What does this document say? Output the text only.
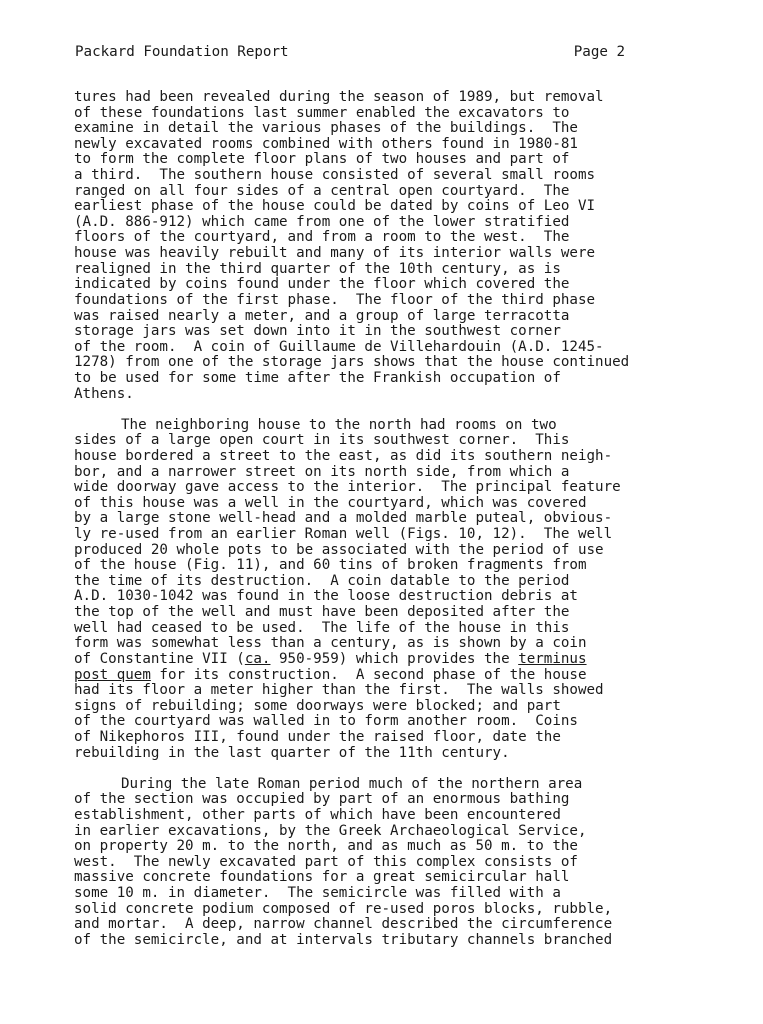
Packard Foundation Report	Page 2
tures had been revealed during the season of 1989, but removal
of these foundations last summer enabled the excavators to
examine in detail the various phases of the buildings.  The
newly excavated rooms combined with others found in 1980-81
to form the complete floor plans of two houses and part of
a third.  The southern house consisted of several small rooms
ranged on all four sides of a central open courtyard.  The
earliest phase of the house could be dated by coins of Leo VI
(A.D. 886-912) which came from one of the lower stratified
floors of the courtyard, and from a room to the west.  The
house was heavily rebuilt and many of its interior walls were
realigned in the third quarter of the 10th century, as is
indicated by coins found under the floor which covered the
foundations of the first phase.  The floor of the third phase
was raised nearly a meter, and a group of large terracotta
storage jars was set down into it in the southwest corner
of the room.  A coin of Guillaume de Villehardouin (A.D. 1245-
1278) from one of the storage jars shows that the house continued
to be used for some time after the Frankish occupation of
Athens.
The neighboring house to the north had rooms on two
sides of a large open court in its southwest corner.  This
house bordered a street to the east, as did its southern neigh-
bor, and a narrower street on its north side, from which a
wide doorway gave access to the interior.  The principal feature
of this house was a well in the courtyard, which was covered
by a large stone well-head and a molded marble puteal, obvious-
ly re-used from an earlier Roman well (Figs. 10, 12).  The well
produced 20 whole pots to be associated with the period of use
of the house (Fig. 11), and 60 tins of broken fragments from
the time of its destruction.  A coin datable to the period
A.D. 1030-1042 was found in the loose destruction debris at
the top of the well and must have been deposited after the
well had ceased to be used.  The life of the house in this
form was somewhat less than a century, as is shown by a coin
of Constantine VII (ca. 950-959) which provides the terminus
post quem for its construction.  A second phase of the house
had its floor a meter higher than the first.  The walls showed
signs of rebuilding; some doorways were blocked; and part
of the courtyard was walled in to form another room.  Coins
of Nikephoros III, found under the raised floor, date the
rebuilding in the last quarter of the 11th century.
During the late Roman period much of the northern area
of the section was occupied by part of an enormous bathing
establishment, other parts of which have been encountered
in earlier excavations, by the Greek Archaeological Service,
on property 20 m. to the north, and as much as 50 m. to the
west.  The newly excavated part of this complex consists of
massive concrete foundations for a great semicircular hall
some 10 m. in diameter.  The semicircle was filled with a
solid concrete podium composed of re-used poros blocks, rubble,
and mortar.  A deep, narrow channel described the circumference
of the semicircle, and at intervals tributary channels branched
